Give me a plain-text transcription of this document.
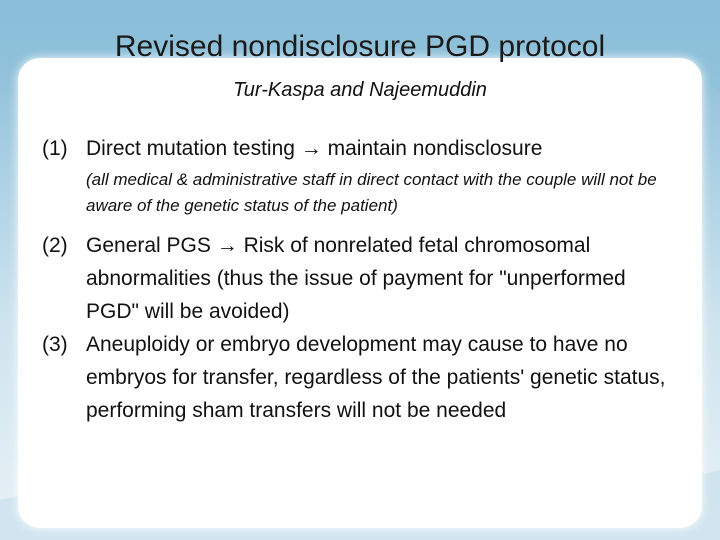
Revised nondisclosure PGD protocol
Tur-Kaspa and Najeemuddin
(1) Direct mutation testing → maintain nondisclosure
(all medical & administrative staff in direct contact with the couple will not be aware of the genetic status of the patient)
(2) General PGS → Risk of nonrelated fetal chromosomal abnormalities (thus the issue of payment for "unperformed PGD" will be avoided)
(3) Aneuploidy or embryo development may cause to have no embryos for transfer, regardless of the patients' genetic status, performing sham transfers will not be needed
